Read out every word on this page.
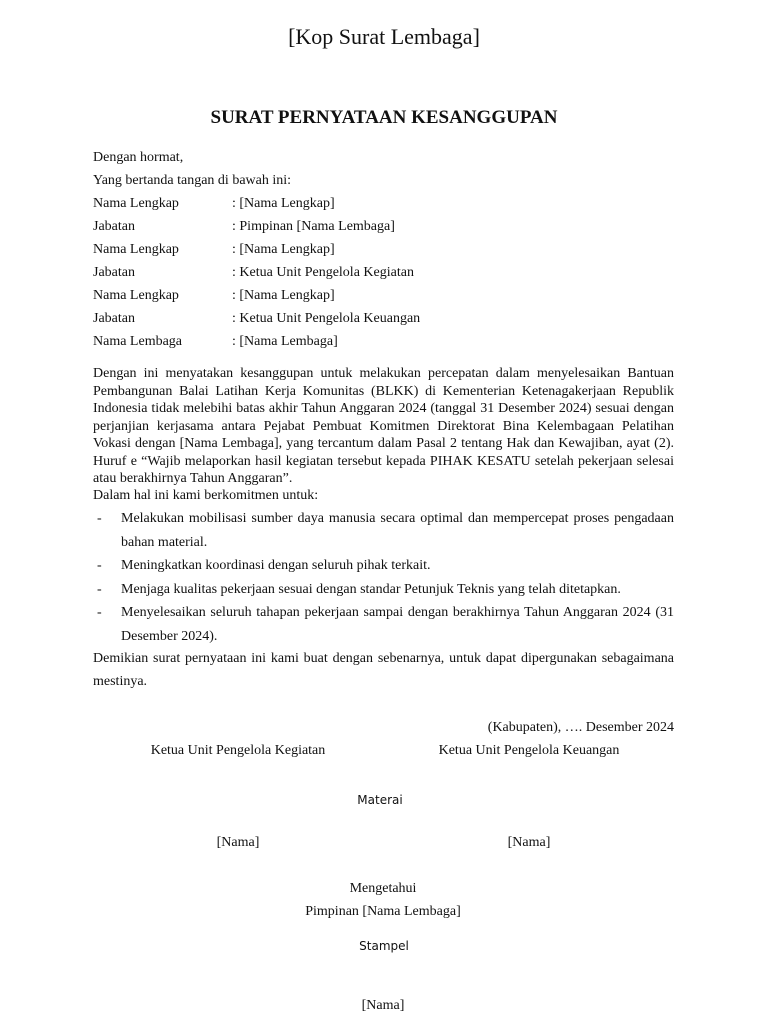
[Kop Surat Lembaga]
SURAT PERNYATAAN KESANGGUPAN
Dengan hormat,
Yang bertanda tangan di bawah ini:
Nama Lengkap	: [Nama Lengkap]
Jabatan	: Pimpinan [Nama Lembaga]
Nama Lengkap	: [Nama Lengkap]
Jabatan	: Ketua Unit Pengelola Kegiatan
Nama Lengkap	: [Nama Lengkap]
Jabatan	: Ketua Unit Pengelola Keuangan
Nama Lembaga	: [Nama Lembaga]

Dengan ini menyatakan kesanggupan untuk melakukan percepatan dalam menyelesaikan Bantuan Pembangunan Balai Latihan Kerja Komunitas (BLKK) di Kementerian Ketenagakerjaan Republik Indonesia tidak melebihi batas akhir Tahun Anggaran 2024 (tanggal 31 Desember 2024) sesuai dengan perjanjian kerjasama antara Pejabat Pembuat Komitmen Direktorat Bina Kelembagaan Pelatihan Vokasi dengan [Nama Lembaga], yang tercantum dalam Pasal 2 tentang Hak dan Kewajiban, ayat (2). Huruf e “Wajib melaporkan hasil kegiatan tersebut kepada PIHAK KESATU setelah pekerjaan selesai atau berakhirnya Tahun Anggaran”.

Dalam hal ini kami berkomitmen untuk:
- Melakukan mobilisasi sumber daya manusia secara optimal dan mempercepat proses pengadaan bahan material.
- Meningkatkan koordinasi dengan seluruh pihak terkait.
- Menjaga kualitas pekerjaan sesuai dengan standar Petunjuk Teknis yang telah ditetapkan.
- Menyelesaikan seluruh tahapan pekerjaan sampai dengan berakhirnya Tahun Anggaran 2024 (31 Desember 2024).

Demikian surat pernyataan ini kami buat dengan sebenarnya, untuk dapat dipergunakan sebagaimana mestinya.

(Kabupaten), …. Desember 2024
Ketua Unit Pengelola Kegiatan	Ketua Unit Pengelola Keuangan
Materai
[Nama]	[Nama]
Mengetahui
Pimpinan [Nama Lembaga]
Stampel
[Nama]
